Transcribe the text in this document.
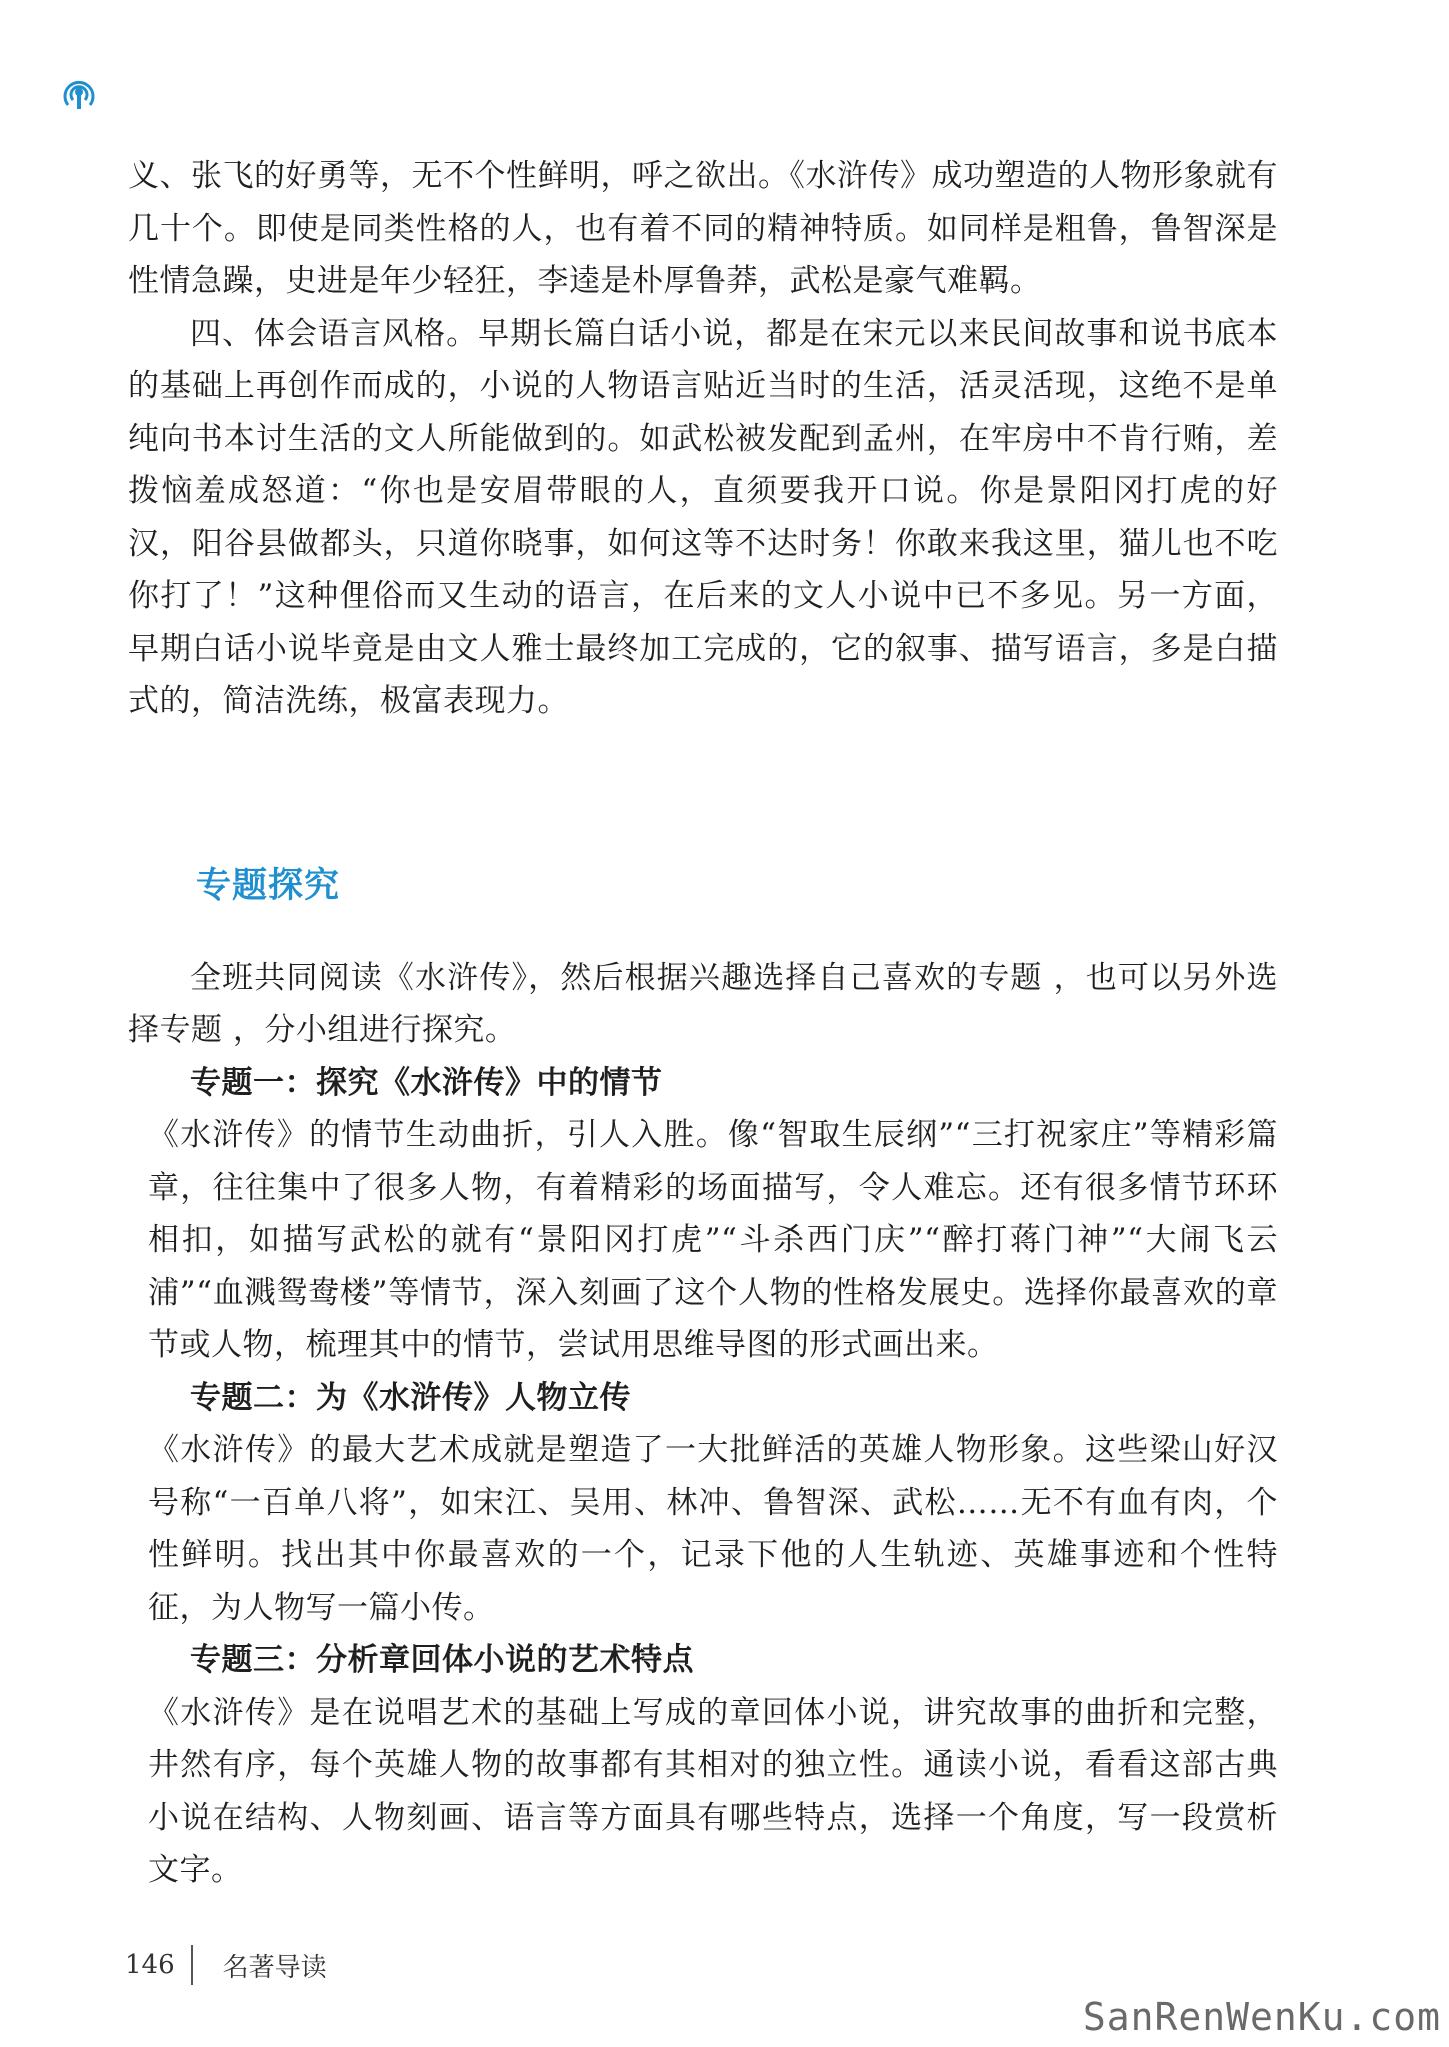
义、张飞的好勇等，无不个性鲜明，呼之欲出。《水浒传》成功塑造的人物形象就有几十个。即使是同类性格的人，也有着不同的精神特质。如同样是粗鲁，鲁智深是性情急躁，史进是年少轻狂，李逵是朴厚鲁莽，武松是豪气难羁。

四、体会语言风格。早期长篇白话小说，都是在宋元以来民间故事和说书底本的基础上再创作而成的，小说的人物语言贴近当时的生活，活灵活现，这绝不是单纯向书本讨生活的文人所能做到的。如武松被发配到孟州，在牢房中不肯行贿，差拨恼羞成怒道：“你也是安眉带眼的人，直须要我开口说。你是景阳冈打虎的好汉，阳谷县做都头，只道你晓事，如何这等不达时务！你敢来我这里，猫儿也不吃你打了！”这种俚俗而又生动的语言，在后来的文人小说中已不多见。另一方面，早期白话小说毕竟是由文人雅士最终加工完成的，它的叙事、描写语言，多是白描式的，简洁洗练，极富表现力。

专题探究

全班共同阅读《水浒传》，然后根据兴趣选择自己喜欢的专题 ，也可以另外选择专题 ，分小组进行探究。

专题一：探究《水浒传》中的情节

《水浒传》的情节生动曲折，引人入胜。像“智取生辰纲”“三打祝家庄”等精彩篇章，往往集中了很多人物，有着精彩的场面描写，令人难忘。还有很多情节环环相扣，如描写武松的就有“景阳冈打虎”“斗杀西门庆”“醉打蒋门神”“大闹飞云浦”“血溅鸳鸯楼”等情节，深入刻画了这个人物的性格发展史。选择你最喜欢的章节或人物，梳理其中的情节，尝试用思维导图的形式画出来。

专题二：为《水浒传》人物立传

《水浒传》的最大艺术成就是塑造了一大批鲜活的英雄人物形象。这些梁山好汉号称“一百单八将”，如宋江、吴用、林冲、鲁智深、武松……无不有血有肉，个性鲜明。找出其中你最喜欢的一个，记录下他的人生轨迹、英雄事迹和个性特征，为人物写一篇小传。

专题三：分析章回体小说的艺术特点

《水浒传》是在说唱艺术的基础上写成的章回体小说，讲究故事的曲折和完整，井然有序，每个英雄人物的故事都有其相对的独立性。通读小说，看看这部古典小说在结构、人物刻画、语言等方面具有哪些特点，选择一个角度，写一段赏析文字。

146 名著导读
SanRenWenKu.com
